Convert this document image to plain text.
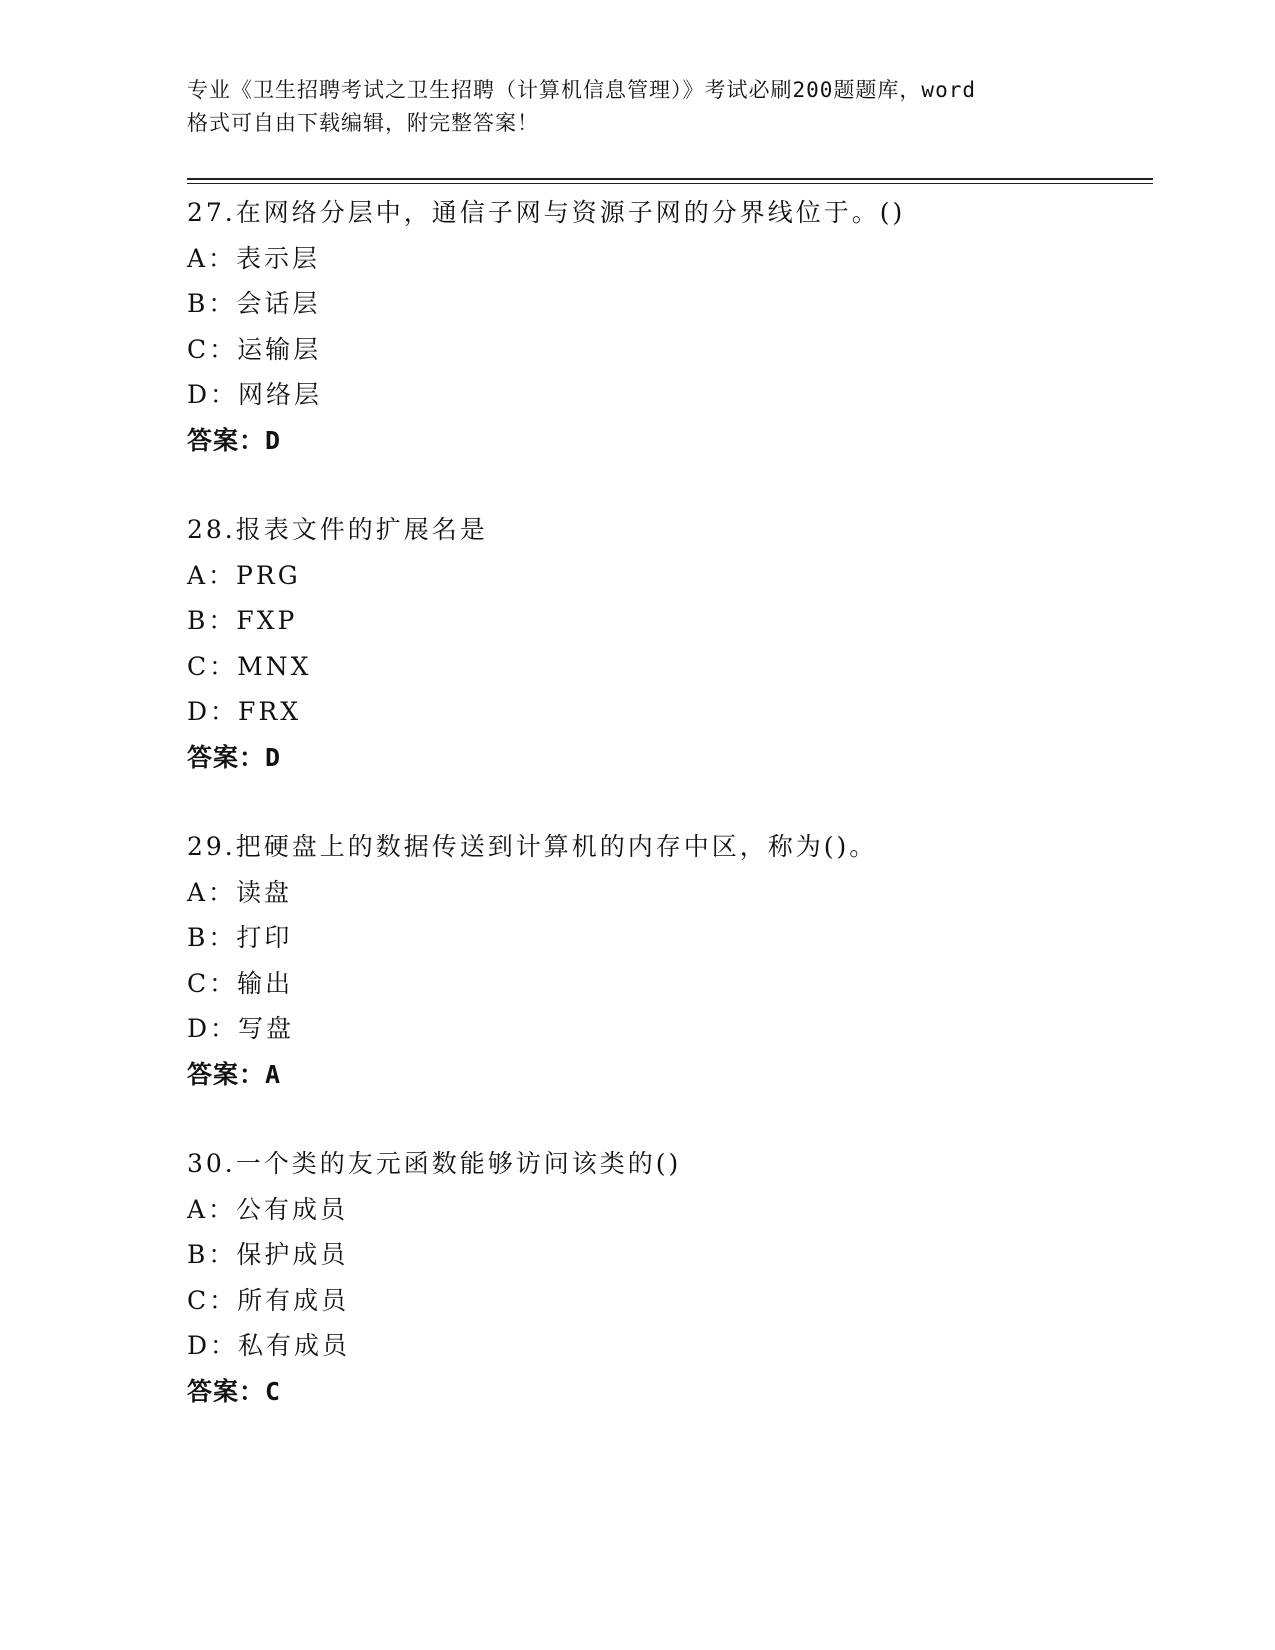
专业《卫生招聘考试之卫生招聘（计算机信息管理）》考试必刷200题题库，word
格式可自由下载编辑，附完整答案！
27.在网络分层中，通信子网与资源子网的分界线位于。()
A：表示层
B：会话层
C：运输层
D：网络层
答案：D
28.报表文件的扩展名是
A：PRG
B：FXP
C：MNX
D：FRX
答案：D
29.把硬盘上的数据传送到计算机的内存中区，称为()。
A：读盘
B：打印
C：输出
D：写盘
答案：A
30.一个类的友元函数能够访问该类的()
A：公有成员
B：保护成员
C：所有成员
D：私有成员
答案：C
